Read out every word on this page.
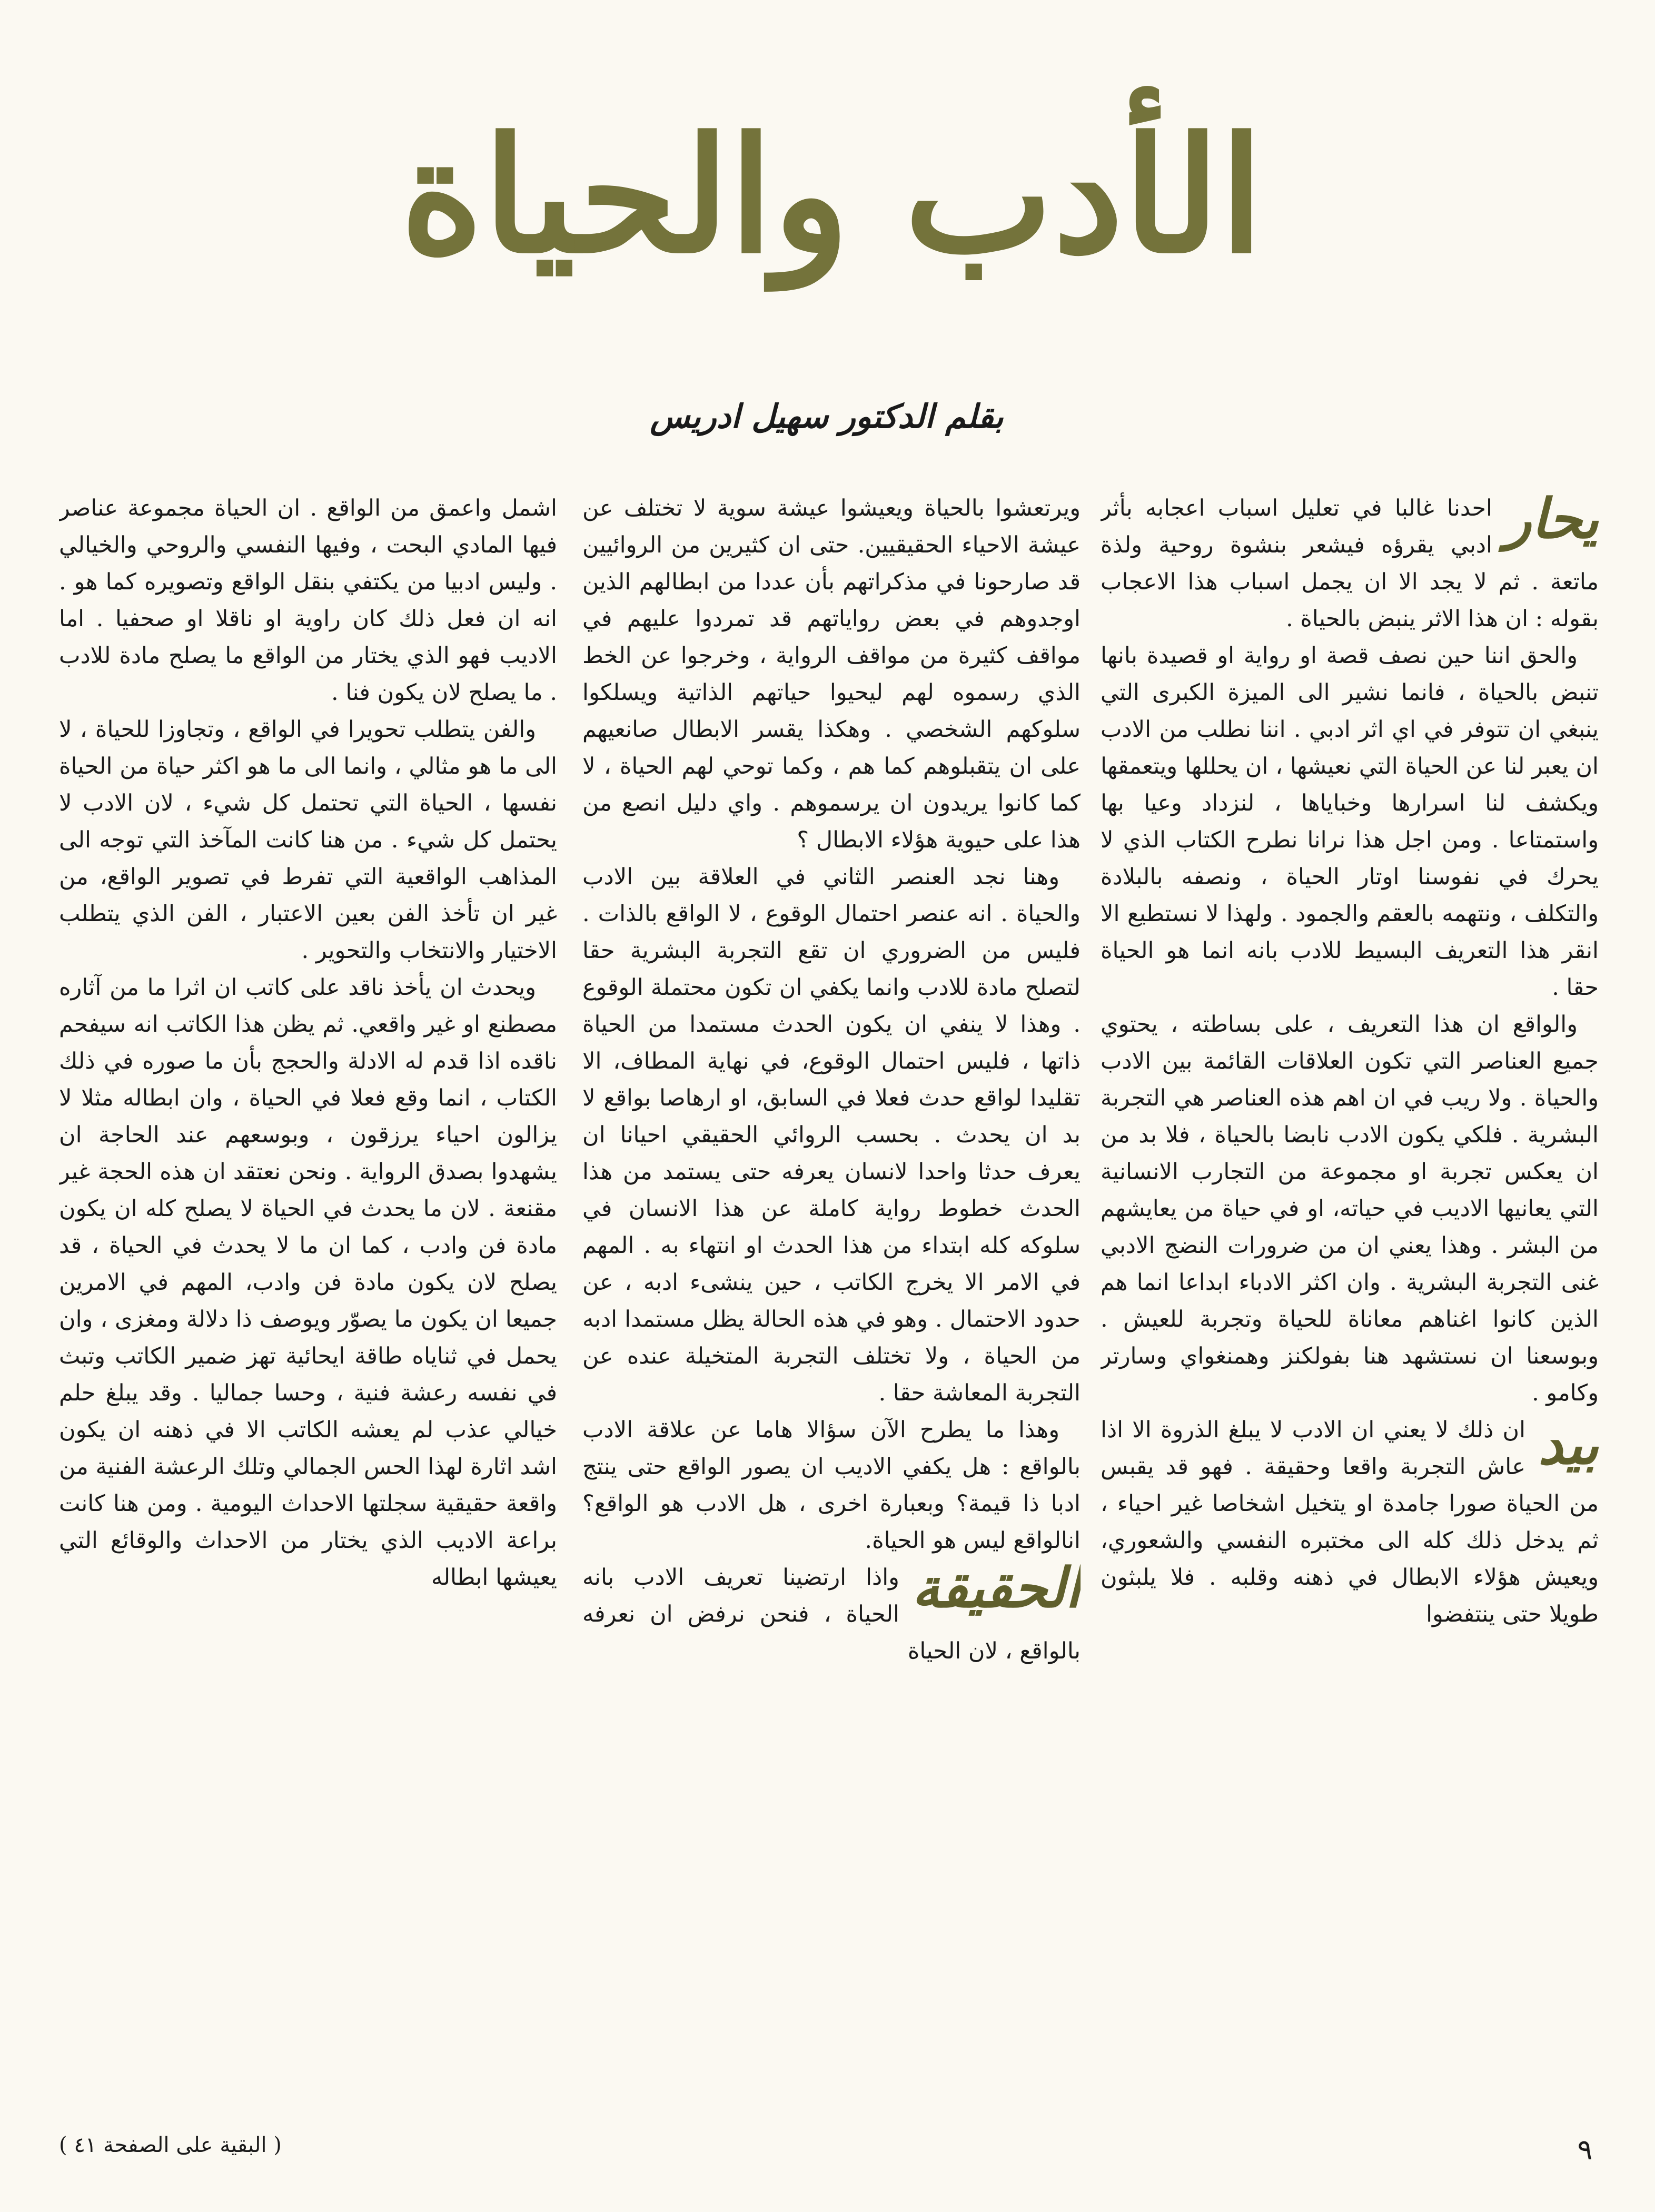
الأدب والحياة
بقلم الدكتور سهيل ادريس
يحار

احدنا غالبا في تعليل اسباب اعجابه بأثر ادبي يقرؤه فيشعر بنشوة روحية ولذة ماتعة . ثم لا يجد الا ان يجمل اسباب هذا الاعجاب بقوله : ان هذا الاثر ينبض بالحياة .

والحق اننا حين نصف قصة او رواية او قصيدة بانها تنبض بالحياة ، فانما نشير الى الميزة الكبرى التي ينبغي ان تتوفر في اي اثر ادبي . اننا نطلب من الادب ان يعبر لنا عن الحياة التي نعيشها ، ان يحللها ويتعمقها ويكشف لنا اسرارها وخباياها ، لنزداد وعيا بها واستمتاعا . ومن اجل هذا نرانا نطرح الكتاب الذي لا يحرك في نفوسنا اوتار الحياة ، ونصفه بالبلادة والتكلف ، ونتهمه بالعقم والجمود . ولهذا لا نستطيع الا انقر هذا التعريف البسيط للادب بانه انما هو الحياة حقا .

والواقع ان هذا التعريف ، على بساطته ، يحتوي جميع العناصر التي تكون العلاقات القائمة بين الادب والحياة . ولا ريب في ان اهم هذه العناصر هي التجربة البشرية . فلكي يكون الادب نابضا بالحياة ، فلا بد من ان يعكس تجربة او مجموعة من التجارب الانسانية التي يعانيها الاديب في حياته، او في حياة من يعايشهم من البشر . وهذا يعني ان من ضرورات النضج الادبي غنى التجربة البشرية . وان اكثر الادباء ابداعا انما هم الذين كانوا اغناهم معاناة للحياة وتجربة للعيش . وبوسعنا ان نستشهد هنا بفولكنز وهمنغواي وسارتر وكامو .

بيد

ان ذلك لا يعني ان الادب لا يبلغ الذروة الا اذا عاش التجربة واقعا وحقيقة . فهو قد يقبس من الحياة صورا جامدة او يتخيل اشخاصا غير احياء ، ثم يدخل ذلك كله الى مختبره النفسي والشعوري، ويعيش هؤلاء الابطال في ذهنه وقلبه . فلا يلبثون طويلا حتى ينتفضوا

ويرتعشوا بالحياة ويعيشوا عيشة سوية لا تختلف عن عيشة الاحياء الحقيقيين. حتى ان كثيرين من الروائيين قد صارحونا في مذكراتهم بأن عددا من ابطالهم الذين اوجدوهم في بعض رواياتهم قد تمردوا عليهم في مواقف كثيرة من مواقف الرواية ، وخرجوا عن الخط الذي رسموه لهم ليحيوا حياتهم الذاتية ويسلكوا سلوكهم الشخصي . وهكذا يقسر الابطال صانعيهم على ان يتقبلوهم كما هم ، وكما توحي لهم الحياة ، لا كما كانوا يريدون ان يرسموهم . واي دليل انصع من هذا على حيوية هؤلاء الابطال ؟

وهنا نجد العنصر الثاني في العلاقة بين الادب والحياة . انه عنصر احتمال الوقوع ، لا الواقع بالذات . فليس من الضروري ان تقع التجربة البشرية حقا لتصلح مادة للادب وانما يكفي ان تكون محتملة الوقوع . وهذا لا ينفي ان يكون الحدث مستمدا من الحياة ذاتها ، فليس احتمال الوقوع، في نهاية المطاف، الا تقليدا لواقع حدث فعلا في السابق، او ارهاصا بواقع لا بد ان يحدث . بحسب الروائي الحقيقي احيانا ان يعرف حدثا واحدا لانسان يعرفه حتى يستمد من هذا الحدث خطوط رواية كاملة عن هذا الانسان في سلوكه كله ابتداء من هذا الحدث او انتهاء به . المهم في الامر الا يخرج الكاتب ، حين ينشىء ادبه ، عن حدود الاحتمال . وهو في هذه الحالة يظل مستمدا ادبه من الحياة ، ولا تختلف التجربة المتخيلة عنده عن التجربة المعاشة حقا .

وهذا ما يطرح الآن سؤالا هاما عن علاقة الادب بالواقع : هل يكفي الاديب ان يصور الواقع حتى ينتج ادبا ذا قيمة؟ وبعبارة اخرى ، هل الادب هو الواقع؟ انالواقع ليس هو الحياة.

الحقيقة

واذا ارتضينا تعريف الادب بانه الحياة ، فنحن نرفض ان نعرفه بالواقع ، لان الحياة

اشمل واعمق من الواقع . ان الحياة مجموعة عناصر فيها المادي البحت ، وفيها النفسي والروحي والخيالي . وليس ادبيا من يكتفي بنقل الواقع وتصويره كما هو . انه ان فعل ذلك كان راوية او ناقلا او صحفيا . اما الاديب فهو الذي يختار من الواقع ما يصلح مادة للادب . ما يصلح لان يكون فنا .

والفن يتطلب تحويرا في الواقع ، وتجاوزا للحياة ، لا الى ما هو مثالي ، وانما الى ما هو اكثر حياة من الحياة نفسها ، الحياة التي تحتمل كل شيء ، لان الادب لا يحتمل كل شيء . من هنا كانت المآخذ التي توجه الى المذاهب الواقعية التي تفرط في تصوير الواقع، من غير ان تأخذ الفن بعين الاعتبار ، الفن الذي يتطلب الاختيار والانتخاب والتحوير .

ويحدث ان يأخذ ناقد على كاتب ان اثرا ما من آثاره مصطنع او غير واقعي. ثم يظن هذا الكاتب انه سيفحم ناقده اذا قدم له الادلة والحجج بأن ما صوره في ذلك الكتاب ، انما وقع فعلا في الحياة ، وان ابطاله مثلا لا يزالون احياء يرزقون ، وبوسعهم عند الحاجة ان يشهدوا بصدق الرواية . ونحن نعتقد ان هذه الحجة غير مقنعة . لان ما يحدث في الحياة لا يصلح كله ان يكون مادة فن وادب ، كما ان ما لا يحدث في الحياة ، قد يصلح لان يكون مادة فن وادب، المهم في الامرين جميعا ان يكون ما يصوّر ويوصف ذا دلالة ومغزى ، وان يحمل في ثناياه طاقة ايحائية تهز ضمير الكاتب وتبث في نفسه رعشة فنية ، وحسا جماليا . وقد يبلغ حلم خيالي عذب لم يعشه الكاتب الا في ذهنه ان يكون اشد اثارة لهذا الحس الجمالي وتلك الرعشة الفنية من واقعة حقيقية سجلتها الاحداث اليومية . ومن هنا كانت براعة الاديب الذي يختار من الاحداث والوقائع التي يعيشها ابطاله

٩
( البقية على الصفحة ٤١ )
